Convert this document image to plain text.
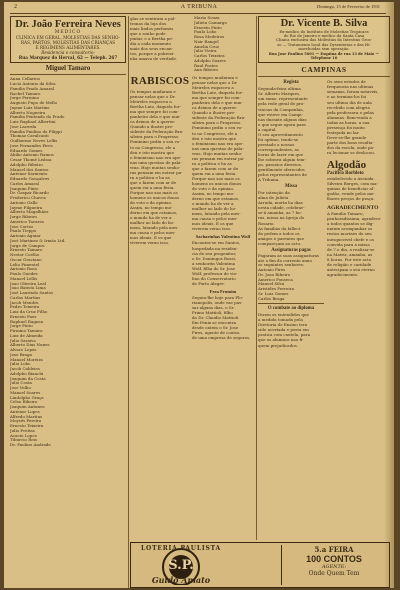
2	A TRIBUNA	Domingo, 15 de Fevereiro de 1931
Dr. João Ferreira Neves
MEDICO
CLINICA EM GERAL, MOLESTIAS DAS SENHO-
RAS, PARTOS, MOLESTIAS DAS CRIANÇAS
E REGIMENS ALIMENTARES.
Residencia e consultorio:
Rua Marquez do Herval, 62 — Teleph. 267
Miguel Tamaro
Anna Cellarius
Lucio Antonio da Silva
Familia Prado Amaral
Rachel Tamaro
Jorge Fermino
Augusto Pupo de Mello
Jayme Luiz Martins
Alberto Nogueira
Familia Penteado do Prado
Luiz Raphael Albertini
Jose Lacerda
Familia Paulino do Filippi
Thomaz Cavalcanti
Guilherme Neves Lellis
Jose Fernandes Pires
Eduardo Gomes
Abilio Antonio Ramos
Cesar Thomé Lisboa
Adolpho Ribeiro
Manoel dos Santos
Antenor Sarmento
Eduardo Gonçalves
Carlos Amaral
Joaquim Pinto
Dr. Gaspar Ricardo
Frederico Chaves
Antonio Gallo
Jayme Filgueira
Alberto Magalhães
Jorge Ribeiro
Americo Tavares
Jose Cortez
Paulo Tieppo
Antonio Aguiar
José Martinez & Irmão Ltd.
Jorge de Campos
Ernesto Tamaro
Nestor Coelho
Oscar Graciano
Lelio Pimentel
Antonio Rosa
Paulo Guedes
Manoel Lellis
Joao Oliveira Leal
Joao Batista Lima
José Laurindo Santos
Carlos Martins
Jacob Mendes
Pedro Teixeira
Luiz da Cruz Filho
Ernesto Paes
Raphael Ragusa
Jorge Pinto
Firmino Tamaro
Luiz de Almeida
Julio Saraiva
Alberto Dias Nunes
Alvaro Lopes
Jose Braga
Manoel Moreira
Julio Lobo
Jacob Caldeira
Adolpho Bianchi
Joaquim da Costa
Julio Costa
Jose Velho
Manoel Soares
Lindolpho Graça
Celso Ribeiro
Joaquim Antunes
Antenor Lopes
Alfredo Martins
Moysés Pereira
Ernesto Teixeira
Julio Freitas
Acacio Lopes
Tiburcio Reis
Dr. Paulino Andrade
glas se sentiram a pol-
tronas da loja dos
mais lindos perfumes
que o sonho pode
pintar, e a Bertha pe-
dia a cada momento
mais dos seus encan-
tos, porque a pobrezi-
nha amava de verdade.
Maria Souza
Julieta Camargo
Ernesto Pinto
Paulo Lobo
Rosa Medeiros
Nair Rangel
Amelia Cruz
Julio Vieira
Carlos Teixeira
Adolpho Soares
Raul Prates
Ana Ribeiro
RABISCOS
Os tempos mudaram e
pensar nelas que o Dr.
Meireles esqueceu a
Bertha Lutz, daquela for-
ma que sempre foi com-
panheiro dela e que nun-
ca deixou de a querer.
Quando a ilustre pre-
sidente da Federação Bra-
sileira para o Progresso
Feminino pediu o seu vo-
to no Congresso, ele a
deu e isto mostra que
o feminismo nao era ape-
nas uma questao de pala-
vras. Hoje muitas senho-
ras pensam em entrar pa-
ra a politica e ha as
que o fazem com ar de
quem vai a uma festa.
Porque nao sao mais os
homens os unicos donos
do voto e da opiniao.
Assim, no tempo mo-
derno em que estamos,
o mundo ha de ver a
mulher ao lado do ho-
mem, lutando pela mes-
ma causa e pelos mes-
mos ideais. E os que
viverem verao isso.
Os tempos mudaram e
pensar nelas que o Dr.
Meireles esqueceu a
Bertha Lutz, daquela for-
ma que sempre foi com-
panheiro dela e que nun-
ca deixou de a querer.
Quando a ilustre pre-
sidente da Federação Bra-
sileira para o Progresso
Feminino pediu o seu vo-
to no Congresso, ele a
deu e isto mostra que
o feminismo nao era ape-
nas uma questao de pala-
vras. Hoje muitas senho-
ras pensam em entrar pa-
ra a politica e ha as
que o fazem com ar de
quem vai a uma festa.
Porque nao sao mais os
homens os unicos donos
do voto e da opiniao.
Assim, no tempo mo-
derno em que estamos,
o mundo ha de ver a
mulher ao lado do ho-
mem, lutando pela mes-
ma causa e pelos mes-
mos ideais. E os que
viverem verao isso.
Sacharinhas Valentina Wolf
Encontra-se em Santos,
hospedada na residen-
cia de seu progenitor,
o Sr. Domingos Rossi,
a senhorita Valentina
Wolf, filha do Sr. Jose
Wolf, professor de vio-
lino do Conservatorio
de Porto Alegre.
Fera Frumim
Seguiu-lhe hoje para Flo-
rianopolis, onde vae pas-
sar alguns dias, o Sr.
Primo Mattioli, filho
do Dr. Claudio Mattioli.
Em Fenix se encontra
desde ontem o Sr. Jose
Pires, agente de coutos
de uma empresa de seguros.
LOTERIA PAULISTA
S.P.
Guido Amato
5.a FEIRA
100 CONTOS
AGENTE:
Onde Quem Tem
Dr. Vicente B. Silva
Ex-medico do Instituto de Molestias Tropicaes
do Rio de Janeiro e medico da Santa Casa
Clinica exclusiva das Molestias do Intestino Gros-
so — Tratamento local das Dysenterias e das Hi-
morrhoidas sem operação.
Rua Jose Paulino 5001 — Esquina de rua 13 de Maio — Telephone 16
CAMPINAS
Regista
Segunda-feira ultima
Sr. Alberto Marques,
um exmo. representante
pela rede geral de pro-
vincias da Companhia,
que esteve em Campi-
nas durante alguns dias
e que segue agora para
a capital.
O seu aproveitamento
foi optimo, tendo-se
prestado a nossos
correspondentes, as
horas de lazer em que
lhe sobrava algum tem-
po, passeios diversos,
gentilmente oferecidos
pelos representantes de
A Tribuna.
Missa
Por intenção da
alma de Julieta
Arruda, morta ha dias
nesta cidade, celebrar-
se-á amanha, as 7 ho-
ras, missa na Igreja do
Rosario.
As familias da falleci-
da pedem a todos os
amigos e parentes que
compareçam ao acto.
Assignaturas pagas
Pagaram as suas assignaturas
ate o fim do corrente anno
os seguintes senhores:
Antonio Pires
Dr. Joao Ribeiro
Americo Fonseca
Manoel Silva
Aristides Ferreira
Sr. Luiz Gomes
Carlos Braga
O combate ao diploma
Dizem os entendidos que
a medida tomada pela
Diretoria de Ensino tera
sido acertada e posta em
pratica com cautela, para
que os alumnos nao fi-
quem prejudicados.
Os seus estudos de
frequencia nas ultimas
semanas, foram notaveis,
e ao termina-los foi
seu ultimo dia de aula
recebido com alegria
pela professora e pelas
alumnas. Bem-vinda a
todas as horas, a sua
presença foi muito
festejada no lar.
Deve-se-lhe grande
parte dos bons resulta-
dos da escola, onde pa-
ra lecionar se deslocou.
Algodão
Pacifico Borbleto
estabelecido a Avenida
Silveira Borges, com ma-
quinas de beneficiar al-
godão, vende pelos me-
lhores preços de praça.
AGRADECIMENTO
A Familia Tamaro,
penhoradissima, agradece
a todos quantos se dig-
naram acompanhar os
restos mortaes do seu
inesquecivel chefe e os
convida para a missa
de 7.o dia, a realizar-se
na Matriz, amanha, as
8 horas. Por este acto
de religião e caridade
antecipam o seu eterno
agradecimento.
